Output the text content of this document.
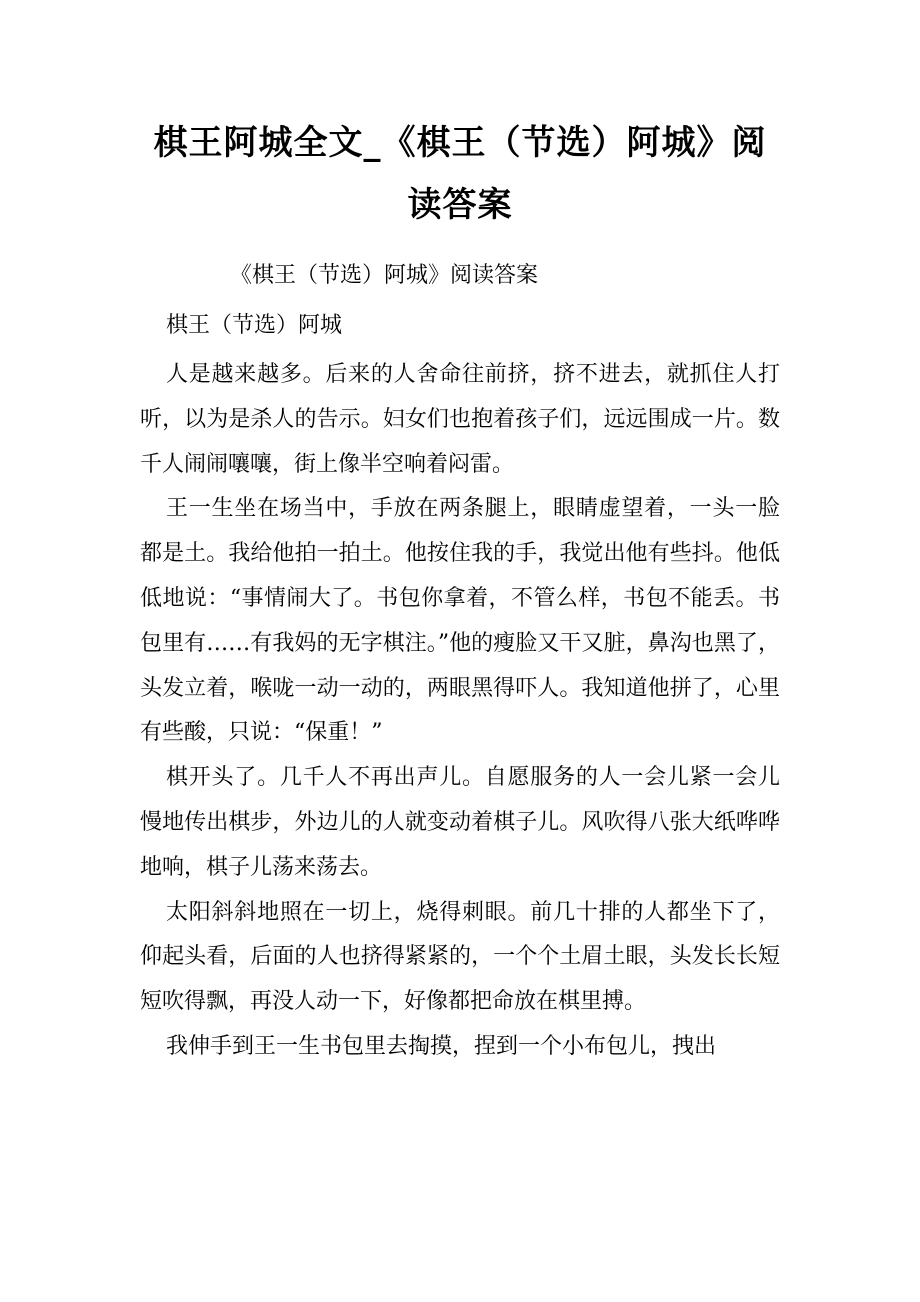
棋王阿城全文_《棋王（节选）阿城》阅读答案

《棋王（节选）阿城》阅读答案

棋王（节选）阿城

人是越来越多。后来的人舍命往前挤，挤不进去，就抓住人打听，以为是杀人的告示。妇女们也抱着孩子们，远远围成一片。数千人闹闹嚷嚷，街上像半空响着闷雷。

王一生坐在场当中，手放在两条腿上，眼睛虚望着，一头一脸都是土。我给他拍一拍土。他按住我的手，我觉出他有些抖。他低低地说：“事情闹大了。书包你拿着，不管么样，书包不能丢。书包里有……有我妈的无字棋注。”他的瘦脸又干又脏，鼻沟也黑了，头发立着，喉咙一动一动的，两眼黑得吓人。我知道他拼了，心里有些酸，只说：“保重！”

棋开头了。几千人不再出声儿。自愿服务的人一会儿紧一会儿慢地传出棋步，外边儿的人就变动着棋子儿。风吹得八张大纸哗哗地响，棋子儿荡来荡去。

太阳斜斜地照在一切上，烧得刺眼。前几十排的人都坐下了，仰起头看，后面的人也挤得紧紧的，一个个土眉土眼，头发长长短短吹得飘，再没人动一下，好像都把命放在棋里搏。

我伸手到王一生书包里去掏摸，捏到一个小布包儿，拽出
